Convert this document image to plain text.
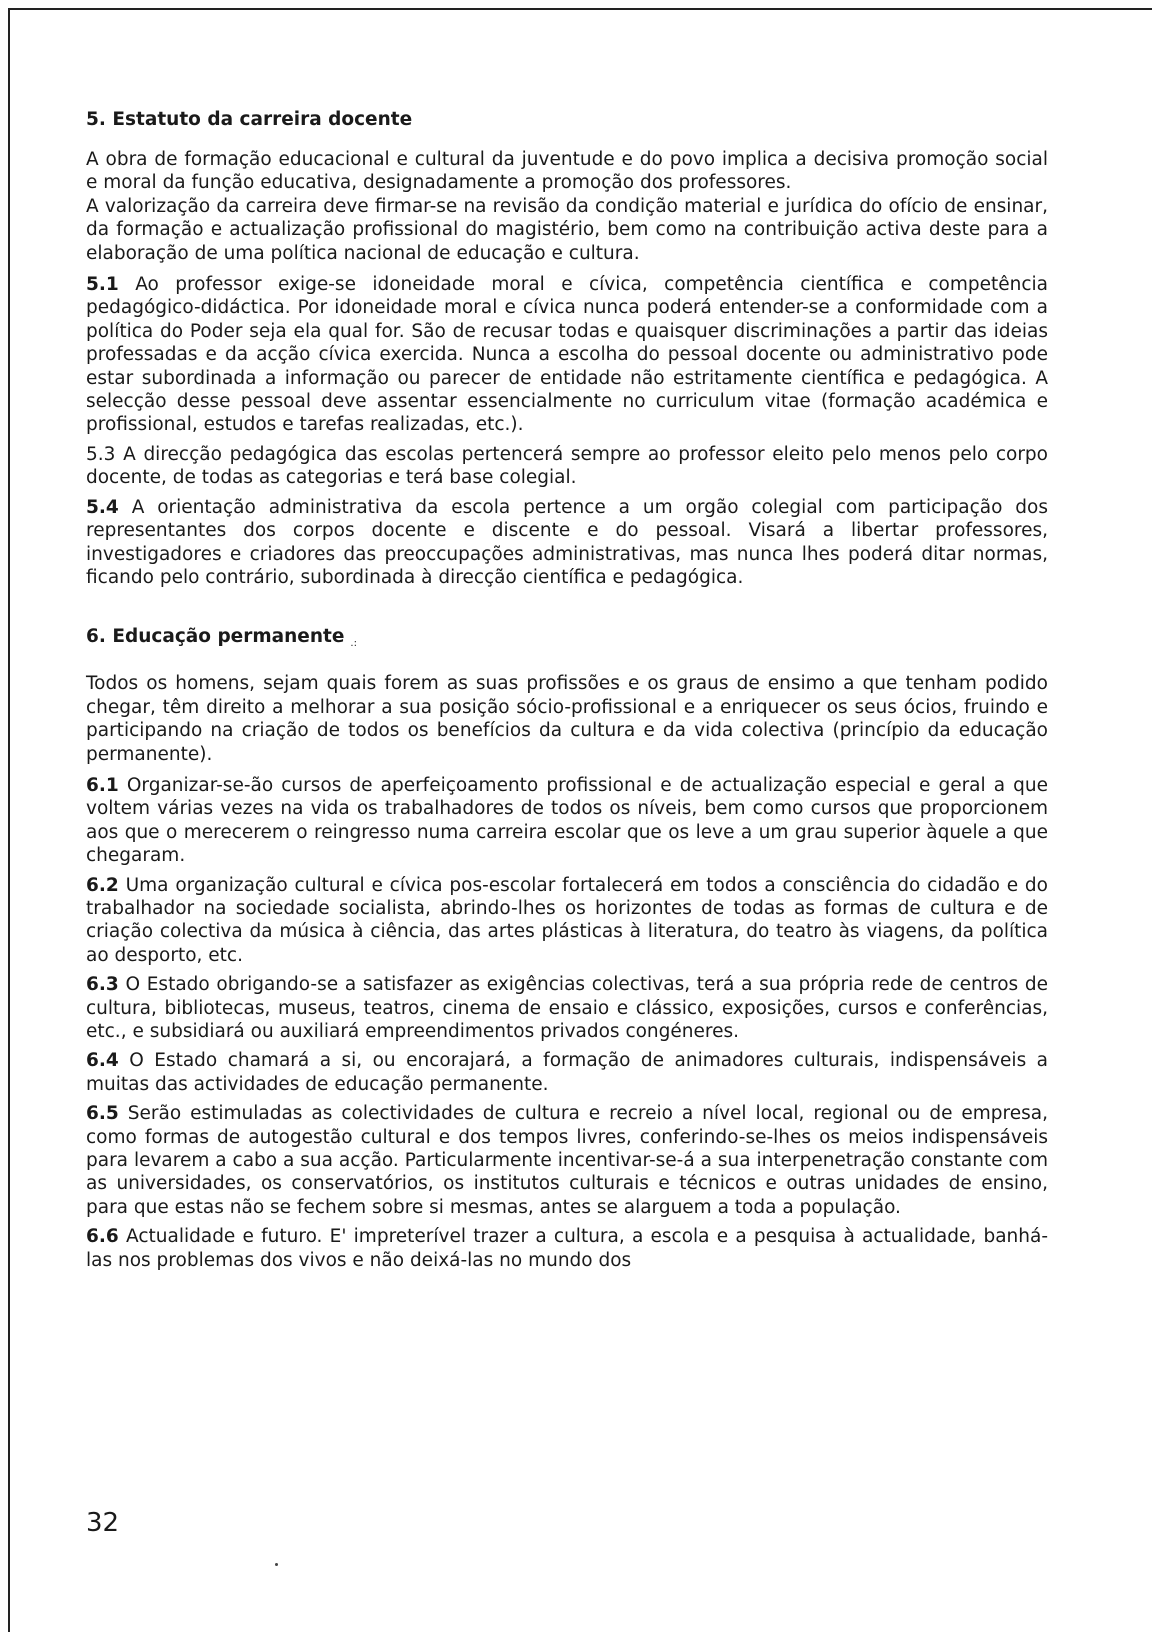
5. Estatuto da carreira docente

A obra de formação educacional e cultural da juventude e do povo implica a decisiva promoção social e moral da função educativa, designadamente a promoção dos professores.

A valorização da carreira deve firmar-se na revisão da condição material e jurídica do ofício de ensinar, da formação e actualização profissional do magistério, bem como na contribuição activa deste para a elaboração de uma política nacional de educação e cultura.

5.1 Ao professor exige-se idoneidade moral e cívica, competência científica e competência pedagógico-didáctica. Por idoneidade moral e cívica nunca poderá entender-se a conformidade com a política do Poder seja ela qual for. São de recusar todas e quaisquer discriminações a partir das ideias professadas e da acção cívica exercida. Nunca a escolha do pessoal docente ou administrativo pode estar subordinada a informação ou parecer de entidade não estritamente científica e pedagógica. A selecção desse pessoal deve assentar essencialmente no curriculum vitae (formação académica e profissional, estudos e tarefas realizadas, etc.).

5.3 A direcção pedagógica das escolas pertencerá sempre ao professor eleito pelo menos pelo corpo docente, de todas as categorias e terá base colegial.

5.4 A orientação administrativa da escola pertence a um orgão colegial com participação dos representantes dos corpos docente e discente e do pessoal. Visará a libertar professores, investigadores e criadores das preoccupações administrativas, mas nunca lhes poderá ditar normas, ficando pelo contrário, subordinada à direcção científica e pedagógica.

6. Educação permanente $_{.:}$

Todos os homens, sejam quais forem as suas profissões e os graus de ensimo a que tenham podido chegar, têm direito a melhorar a sua posição sócio-profissional e a enriquecer os seus ócios, fruindo e participando na criação de todos os benefícios da cultura e da vida colectiva (princípio da educação permanente).

6.1 Organizar-se-ão cursos de aperfeiçoamento profissional e de actualização especial e geral a que voltem várias vezes na vida os trabalhadores de todos os níveis, bem como cursos que proporcionem aos que o merecerem o reingresso numa carreira escolar que os leve a um grau superior àquele a que chegaram.

6.2 Uma organização cultural e cívica pos-escolar fortalecerá em todos a consciência do cidadão e do trabalhador na sociedade socialista, abrindo-lhes os horizontes de todas as formas de cultura e de criação colectiva da música à ciência, das artes plásticas à literatura, do teatro às viagens, da política ao desporto, etc.

6.3 O Estado obrigando-se a satisfazer as exigências colectivas, terá a sua própria rede de centros de cultura, bibliotecas, museus, teatros, cinema de ensaio e clássico, exposições, cursos e conferências, etc., e subsidiará ou auxiliará empreendimentos privados congéneres.

6.4 O Estado chamará a si, ou encorajará, a formação de animadores culturais, indispensáveis a muitas das actividades de educação permanente.

6.5 Serão estimuladas as colectividades de cultura e recreio a nível local, regional ou de empresa, como formas de autogestão cultural e dos tempos livres, conferindo-se-lhes os meios indispensáveis para levarem a cabo a sua acção. Particularmente incentivar-se-á a sua interpenetração constante com as universidades, os conservatórios, os institutos culturais e técnicos e outras unidades de ensino, para que estas não se fechem sobre si mesmas, antes se alarguem a toda a população.

6.6 Actualidade e futuro. E' impreterível trazer a cultura, a escola e a pesquisa à actualidade, banhá-las nos problemas dos vivos e não deixá-las no mundo dos

32
